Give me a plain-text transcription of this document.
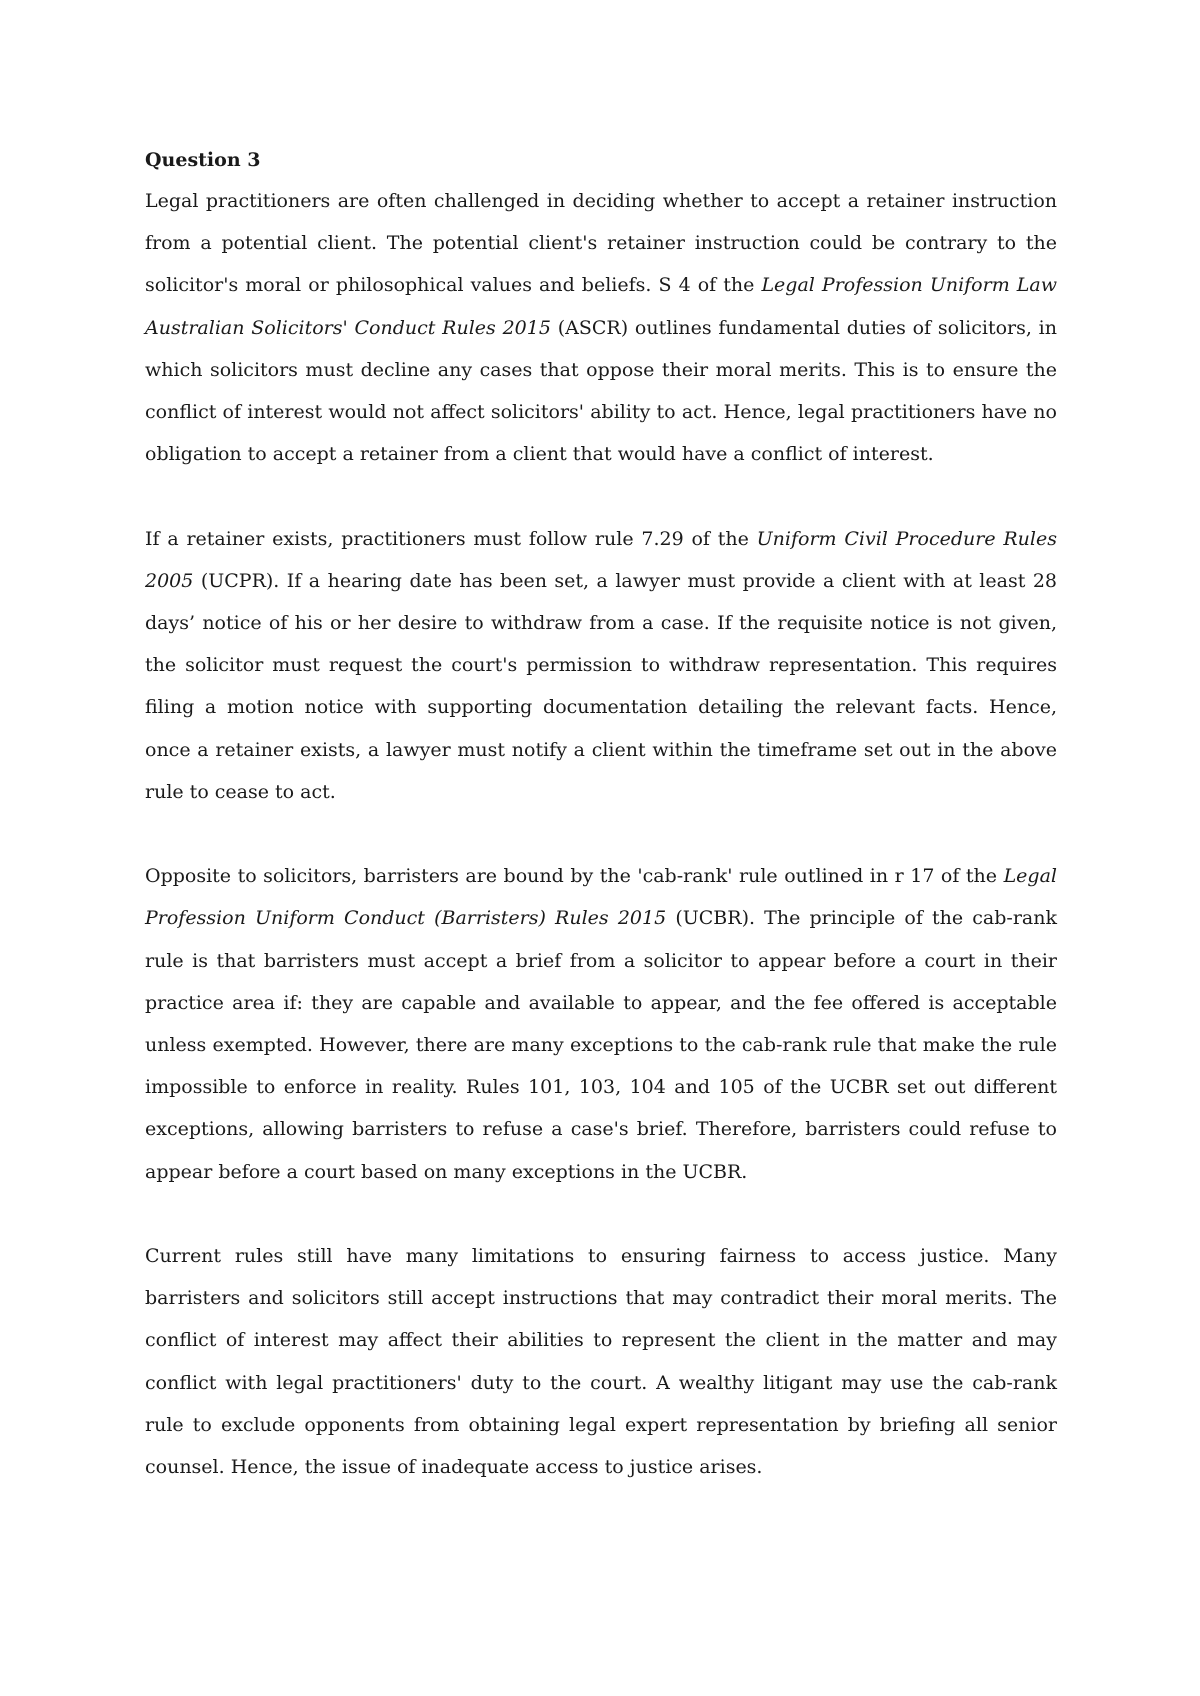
Question 3

Legal practitioners are often challenged in deciding whether to accept a retainer instruction from a potential client. The potential client's retainer instruction could be contrary to the solicitor's moral or philosophical values and beliefs. S 4 of the Legal Profession Uniform Law Australian Solicitors' Conduct Rules 2015 (ASCR) outlines fundamental duties of solicitors, in which solicitors must decline any cases that oppose their moral merits. This is to ensure the conflict of interest would not affect solicitors' ability to act. Hence, legal practitioners have no obligation to accept a retainer from a client that would have a conflict of interest.

If a retainer exists, practitioners must follow rule 7.29 of the Uniform Civil Procedure Rules 2005 (UCPR). If a hearing date has been set, a lawyer must provide a client with at least 28 days’ notice of his or her desire to withdraw from a case. If the requisite notice is not given, the solicitor must request the court's permission to withdraw representation. This requires filing a motion notice with supporting documentation detailing the relevant facts. Hence, once a retainer exists, a lawyer must notify a client within the timeframe set out in the above rule to cease to act.

Opposite to solicitors, barristers are bound by the 'cab-rank' rule outlined in r 17 of the Legal Profession Uniform Conduct (Barristers) Rules 2015 (UCBR). The principle of the cab-rank rule is that barristers must accept a brief from a solicitor to appear before a court in their practice area if: they are capable and available to appear, and the fee offered is acceptable unless exempted. However, there are many exceptions to the cab-rank rule that make the rule impossible to enforce in reality. Rules 101, 103, 104 and 105 of the UCBR set out different exceptions, allowing barristers to refuse a case's brief. Therefore, barristers could refuse to appear before a court based on many exceptions in the UCBR.

Current rules still have many limitations to ensuring fairness to access justice. Many barristers and solicitors still accept instructions that may contradict their moral merits. The conflict of interest may affect their abilities to represent the client in the matter and may conflict with legal practitioners' duty to the court. A wealthy litigant may use the cab-rank rule to exclude opponents from obtaining legal expert representation by briefing all senior counsel. Hence, the issue of inadequate access to justice arises.
